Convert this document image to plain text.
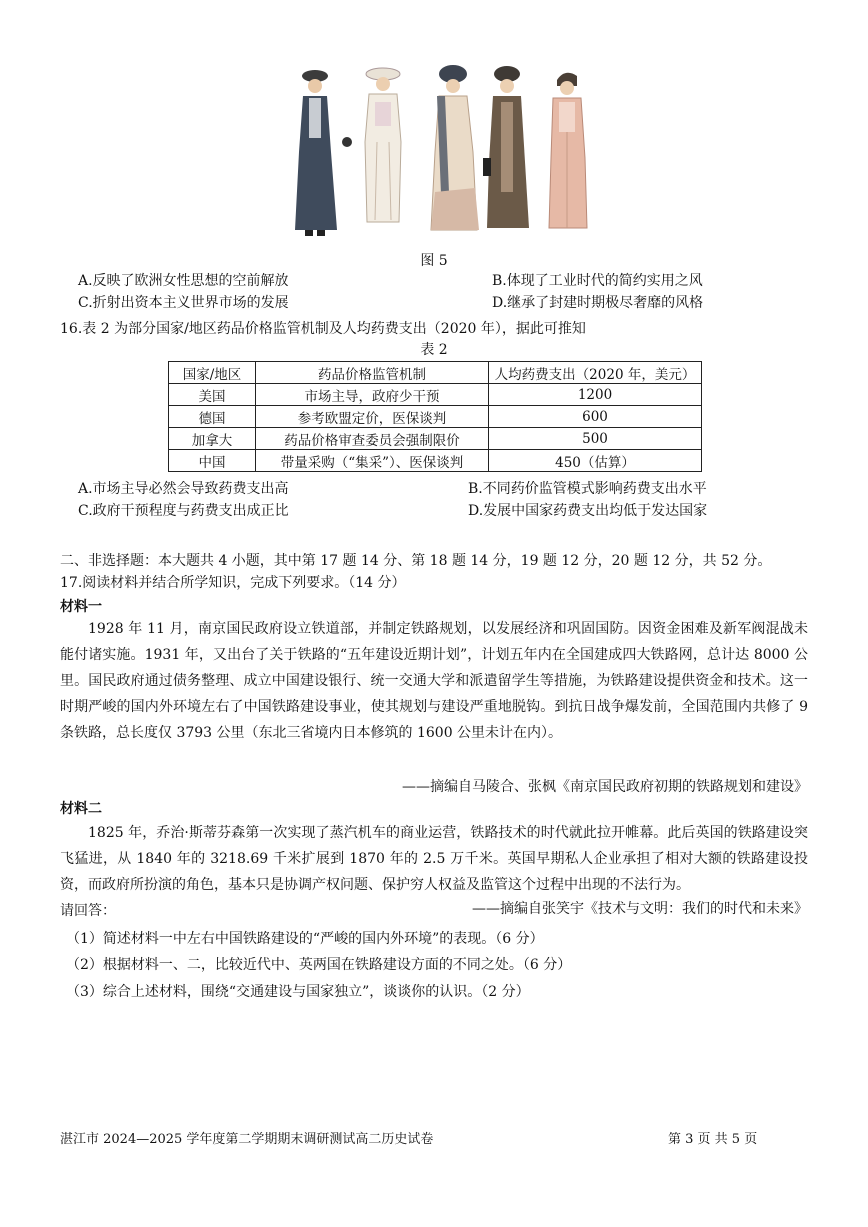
图 5
A.反映了欧洲女性思想的空前解放	B.体现了工业时代的简约实用之风
C.折射出资本主义世界市场的发展	D.继承了封建时期极尽奢靡的风格
16.表 2 为部分国家/地区药品价格监管机制及人均药费支出（2020 年），据此可推知
表 2
国家/地区	药品价格监管机制	人均药费支出（2020 年，美元）
美国	市场主导，政府少干预	1200
德国	参考欧盟定价，医保谈判	600
加拿大	药品价格审查委员会强制限价	500
中国	带量采购（“集采”）、医保谈判	450（估算）
A.市场主导必然会导致药费支出高	B.不同药价监管模式影响药费支出水平
C.政府干预程度与药费支出成正比	D.发展中国家药费支出均低于发达国家
二、非选择题：本大题共 4 小题，其中第 17 题 14 分、第 18 题 14 分，19 题 12 分，20 题 12 分，共 52 分。
17.阅读材料并结合所学知识，完成下列要求。（14 分）
材料一
1928 年 11 月，南京国民政府设立铁道部，并制定铁路规划，以发展经济和巩固国防。因资金困难及新军阀混战未能付诸实施。1931 年，又出台了关于铁路的“五年建设近期计划”，计划五年内在全国建成四大铁路网，总计达 8000 公里。国民政府通过债务整理、成立中国建设银行、统一交通大学和派遣留学生等措施，为铁路建设提供资金和技术。这一时期严峻的国内外环境左右了中国铁路建设事业，使其规划与建设严重地脱钩。到抗日战争爆发前，全国范围内共修了 9 条铁路，总长度仅 3793 公里（东北三省境内日本修筑的 1600 公里未计在内）。
——摘编自马陵合、张枫《南京国民政府初期的铁路规划和建设》
材料二
1825 年，乔治·斯蒂芬森第一次实现了蒸汽机车的商业运营，铁路技术的时代就此拉开帷幕。此后英国的铁路建设突飞猛进，从 1840 年的 3218.69 千米扩展到 1870 年的 2.5 万千米。英国早期私人企业承担了相对大额的铁路建设投资，而政府所扮演的角色，基本只是协调产权问题、保护穷人权益及监管这个过程中出现的不法行为。
——摘编自张笑宇《技术与文明：我们的时代和未来》
请回答：
（1）简述材料一中左右中国铁路建设的“严峻的国内外环境”的表现。（6 分）
（2）根据材料一、二，比较近代中、英两国在铁路建设方面的不同之处。（6 分）
（3）综合上述材料，围绕“交通建设与国家独立”，谈谈你的认识。（2 分）
湛江市 2024—2025 学年度第二学期期末调研测试高二历史试卷	第 3 页 共 5 页
